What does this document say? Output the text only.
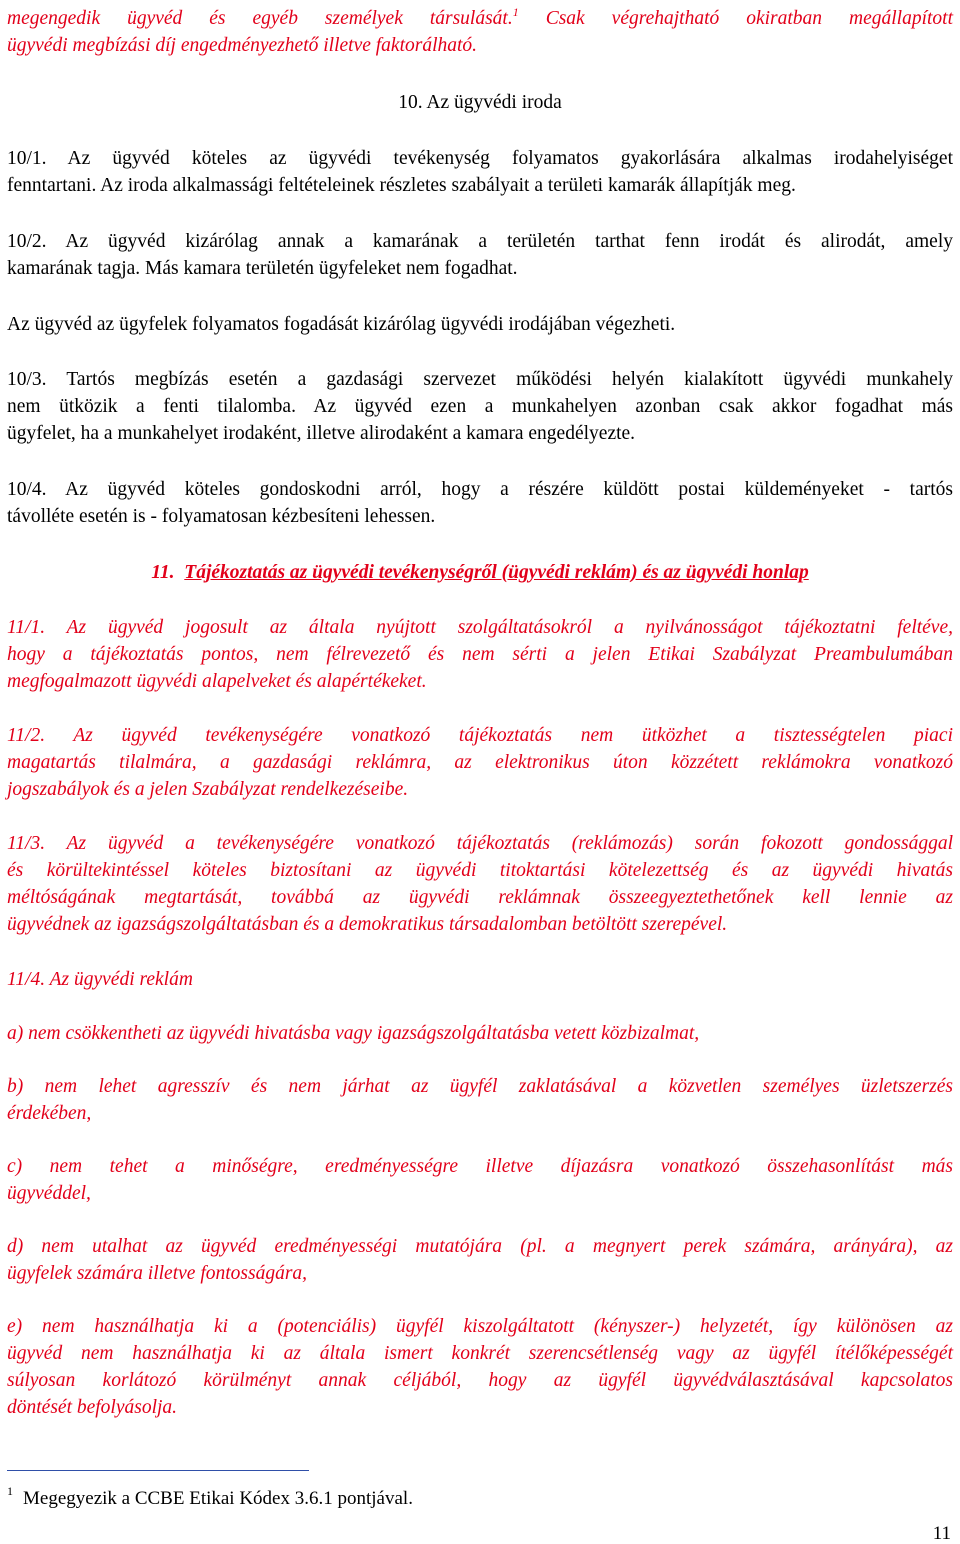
megengedik ügyvéd és egyéb személyek társulását.$^1$ Csak végrehajtható okiratban megállapított
ügyvédi megbízási díj engedményezhető illetve faktorálható.
10. Az ügyvédi iroda
10/1. Az ügyvéd köteles az ügyvédi tevékenység folyamatos gyakorlására alkalmas irodahelyiséget
fenntartani. Az iroda alkalmassági feltételeinek részletes szabályait a területi kamarák állapítják meg.
10/2. Az ügyvéd kizárólag annak a kamarának a területén tarthat fenn irodát és alirodát, amely
kamarának tagja. Más kamara területén ügyfeleket nem fogadhat.
Az ügyvéd az ügyfelek folyamatos fogadását kizárólag ügyvédi irodájában végezheti.
10/3. Tartós megbízás esetén a gazdasági szervezet működési helyén kialakított ügyvédi munkahely
nem ütközik a fenti tilalomba. Az ügyvéd ezen a munkahelyen azonban csak akkor fogadhat más
ügyfelet, ha a munkahelyet irodaként, illetve alirodaként a kamara engedélyezte.
10/4. Az ügyvéd köteles gondoskodni arról, hogy a részére küldött postai küldeményeket - tartós
távolléte esetén is - folyamatosan kézbesíteni lehessen.
11. Tájékoztatás az ügyvédi tevékenységről (ügyvédi reklám) és az ügyvédi honlap
11/1. Az ügyvéd jogosult az általa nyújtott szolgáltatásokról a nyilvánosságot tájékoztatni feltéve,
hogy a tájékoztatás pontos, nem félrevezető és nem sérti a jelen Etikai Szabályzat Preambulumában
megfogalmazott ügyvédi alapelveket és alapértékeket.
11/2. Az ügyvéd tevékenységére vonatkozó tájékoztatás nem ütközhet a tisztességtelen piaci
magatartás tilalmára, a gazdasági reklámra, az elektronikus úton közzétett reklámokra vonatkozó
jogszabályok és a jelen Szabályzat rendelkezéseibe.
11/3. Az ügyvéd a tevékenységére vonatkozó tájékoztatás (reklámozás) során fokozott gondossággal
és körültekintéssel köteles biztosítani az ügyvédi titoktartási kötelezettség és az ügyvédi hivatás
méltóságának megtartását, továbbá az ügyvédi reklámnak összeegyeztethetőnek kell lennie az
ügyvédnek az igazságszolgáltatásban és a demokratikus társadalomban betöltött szerepével.
11/4. Az ügyvédi reklám
a) nem csökkentheti az ügyvédi hivatásba vagy igazságszolgáltatásba vetett közbizalmat,
b) nem lehet agresszív és nem járhat az ügyfél zaklatásával a közvetlen személyes üzletszerzés
érdekében,
c) nem tehet a minőségre, eredményességre illetve díjazásra vonatkozó összehasonlítást más
ügyvéddel,
d) nem utalhat az ügyvéd eredményességi mutatójára (pl. a megnyert perek számára, arányára), az
ügyfelek számára illetve fontosságára,
e) nem használhatja ki a (potenciális) ügyfél kiszolgáltatott (kényszer-) helyzetét, így különösen az
ügyvéd nem használhatja ki az általa ismert konkrét szerencsétlenség vagy az ügyfél ítélőképességét
súlyosan korlátozó körülményt annak céljából, hogy az ügyfél ügyvédválasztásával kapcsolatos
döntését befolyásolja.
$^1$ Megegyezik a CCBE Etikai Kódex 3.6.1 pontjával.
11
